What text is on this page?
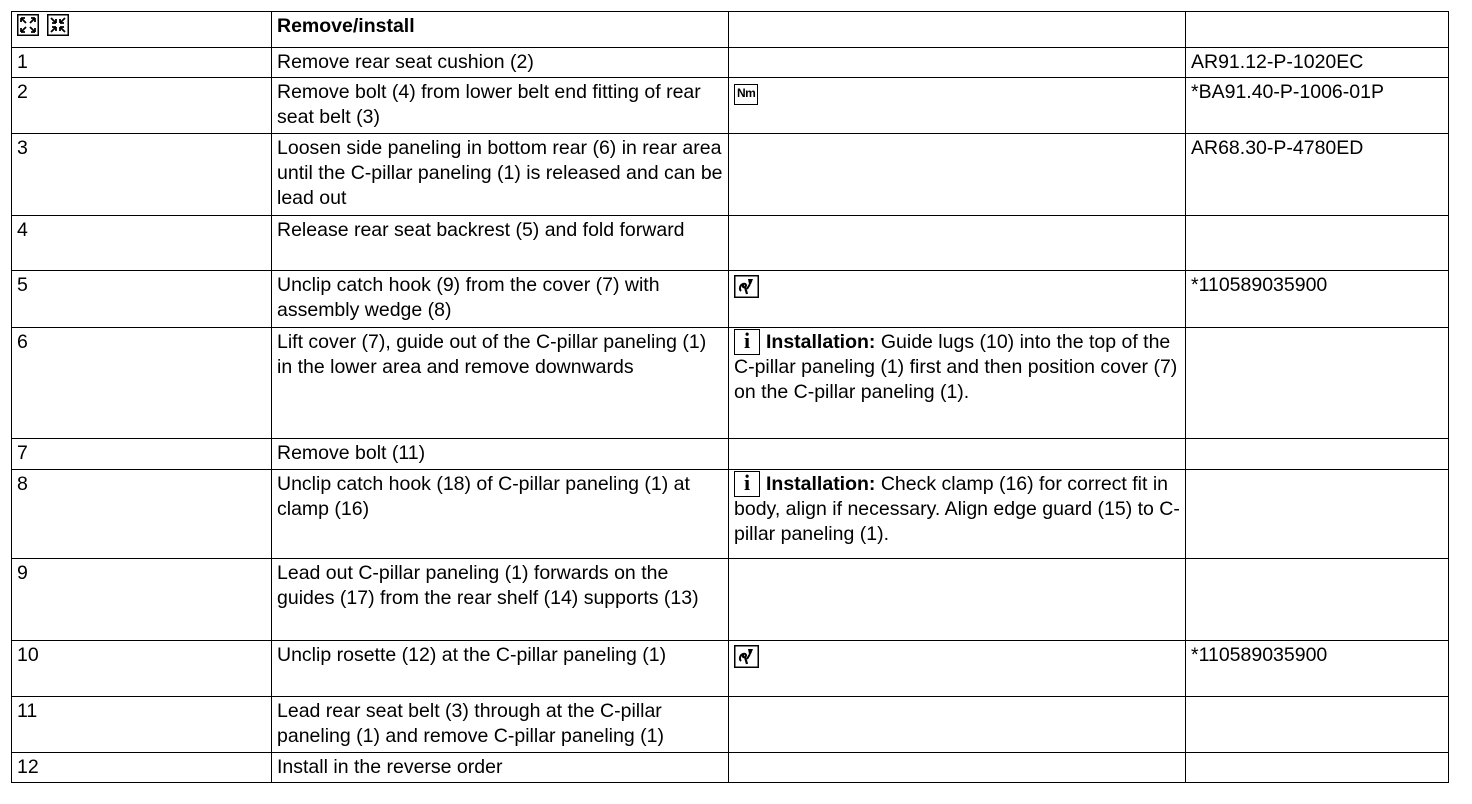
	Remove/install		
1	Remove rear seat cushion (2)		AR91.12-P-1020EC
2	Remove bolt (4) from lower belt end fitting of rear seat belt (3)	Nm	*BA91.40-P-1006-01P
3	Loosen side paneling in bottom rear (6) in rear area until the C-pillar paneling (1) is released and can be lead out		AR68.30-P-4780ED
4	Release rear seat backrest (5) and fold forward		
5	Unclip catch hook (9) from the cover (7) with assembly wedge (8)		*110589035900
6	Lift cover (7), guide out of the C-pillar paneling (1) in the lower area and remove downwards	i Installation: Guide lugs (10) into the top of the C-pillar paneling (1) first and then position cover (7) on the C-pillar paneling (1).	
7	Remove bolt (11)		
8	Unclip catch hook (18) of C-pillar paneling (1) at clamp (16)	i Installation: Check clamp (16) for correct fit in body, align if necessary. Align edge guard (15) to C-pillar paneling (1).	
9	Lead out C-pillar paneling (1) forwards on the guides (17) from the rear shelf (14) supports (13)		
10	Unclip rosette (12) at the C-pillar paneling (1)		*110589035900
11	Lead rear seat belt (3) through at the C-pillar paneling (1) and remove C-pillar paneling (1)		
12	Install in the reverse order		
